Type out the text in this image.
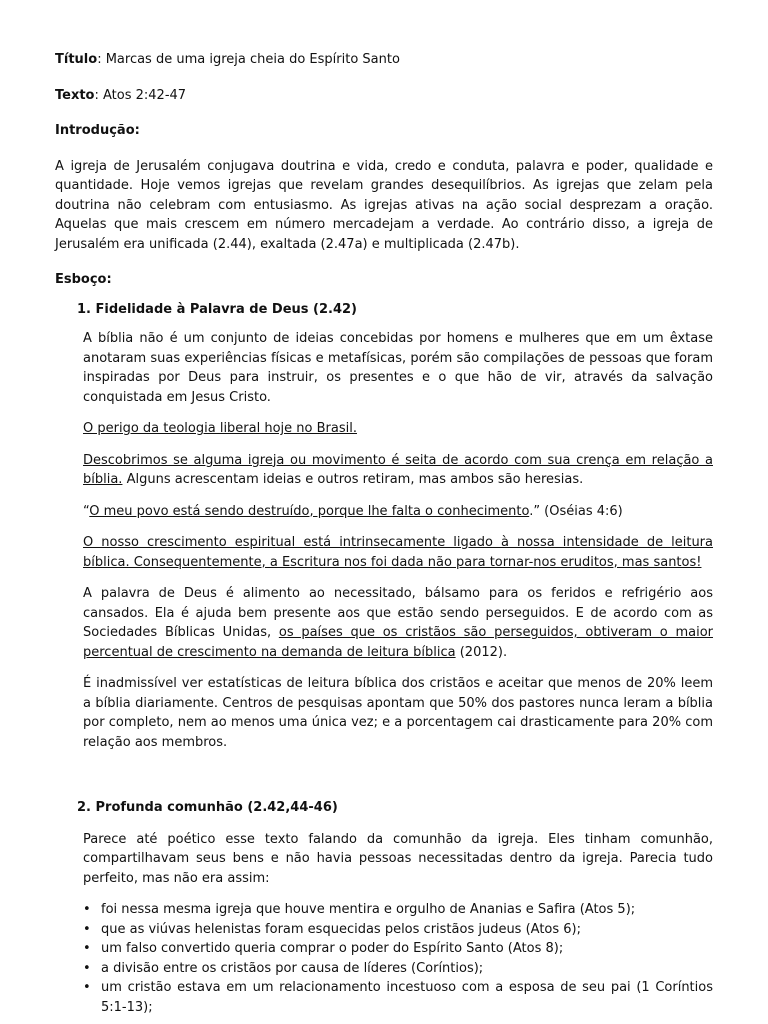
Título: Marcas de uma igreja cheia do Espírito Santo

Texto: Atos 2:42-47

Introdução:

A igreja de Jerusalém conjugava doutrina e vida, credo e conduta, palavra e poder, qualidade e quantidade. Hoje vemos igrejas que revelam grandes desequilíbrios. As igrejas que zelam pela doutrina não celebram com entusiasmo. As igrejas ativas na ação social desprezam a oração. Aquelas que mais crescem em número mercadejam a verdade. Ao contrário disso, a igreja de Jerusalém era unificada (2.44), exaltada (2.47a) e multiplicada (2.47b).

Esboço:

1. Fidelidade à Palavra de Deus (2.42)

A bíblia não é um conjunto de ideias concebidas por homens e mulheres que em um êxtase anotaram suas experiências físicas e metafísicas, porém são compilações de pessoas que foram inspiradas por Deus para instruir, os presentes e o que hão de vir, através da salvação conquistada em Jesus Cristo.

O perigo da teologia liberal hoje no Brasil.

Descobrimos se alguma igreja ou movimento é seita de acordo com sua crença em relação a bíblia. Alguns acrescentam ideias e outros retiram, mas ambos são heresias.

“O meu povo está sendo destruído, porque lhe falta o conhecimento.” (Oséias 4:6)

O nosso crescimento espiritual está intrinsecamente ligado à nossa intensidade de leitura bíblica. Consequentemente, a Escritura nos foi dada não para tornar-nos eruditos, mas santos!

A palavra de Deus é alimento ao necessitado, bálsamo para os feridos e refrigério aos cansados. Ela é ajuda bem presente aos que estão sendo perseguidos. E de acordo com as Sociedades Bíblicas Unidas, os países que os cristãos são perseguidos, obtiveram o maior percentual de crescimento na demanda de leitura bíblica (2012).

É inadmissível ver estatísticas de leitura bíblica dos cristãos e aceitar que menos de 20% leem a bíblia diariamente. Centros de pesquisas apontam que 50% dos pastores nunca leram a bíblia por completo, nem ao menos uma única vez; e a porcentagem cai drasticamente para 20% com relação aos membros.

2. Profunda comunhão (2.42,44-46)

Parece até poético esse texto falando da comunhão da igreja. Eles tinham comunhão, compartilhavam seus bens e não havia pessoas necessitadas dentro da igreja. Parecia tudo perfeito, mas não era assim:

• foi nessa mesma igreja que houve mentira e orgulho de Ananias e Safira (Atos 5);
• que as viúvas helenistas foram esquecidas pelos cristãos judeus (Atos 6);
• um falso convertido queria comprar o poder do Espírito Santo (Atos 8);
• a divisão entre os cristãos por causa de líderes (Coríntios);
• um cristão estava em um relacionamento incestuoso com a esposa de seu pai (1 Coríntios 5:1-13);
